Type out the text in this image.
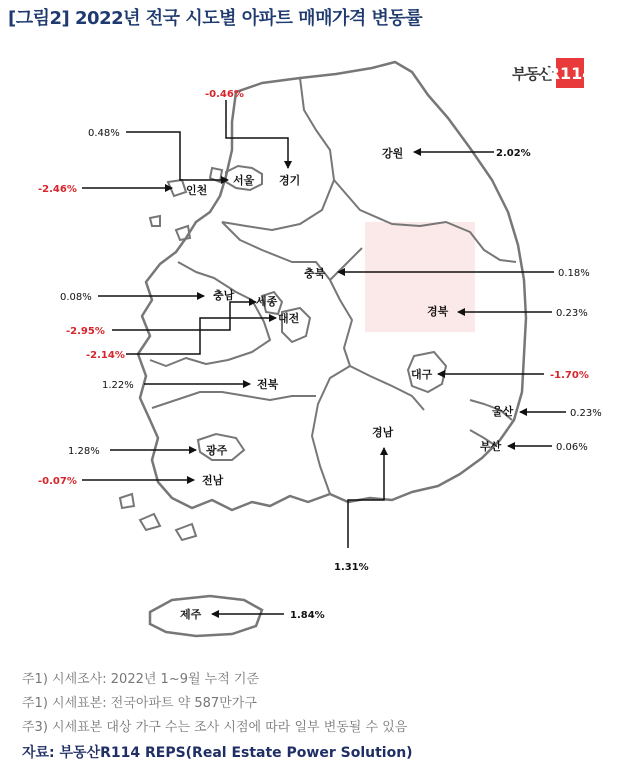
[그림2] 2022년 전국 시도별 아파트 매매가격 변동률
부동산
R114
경기
서울
인천
강원
충북
충남 세종
대전
경북
대구
전북
울산
부산
경남
광주
전남
제주
-0.46%
0.48%
-2.46%
2.02%
0.18%
0.08%
-2.95%
-2.14%
0.23%
-1.70%
1.22%
0.23%
0.06%
1.31%
1.28%
-0.07%
1.84%
주1) 시세조사: 2022년 1~9월 누적 기준
주1) 시세표본: 전국아파트 약 587만가구
주3) 시세표본 대상 가구 수는 조사 시점에 따라 일부 변동될 수 있음
자료: 부동산R114 REPS(Real Estate Power Solution)
